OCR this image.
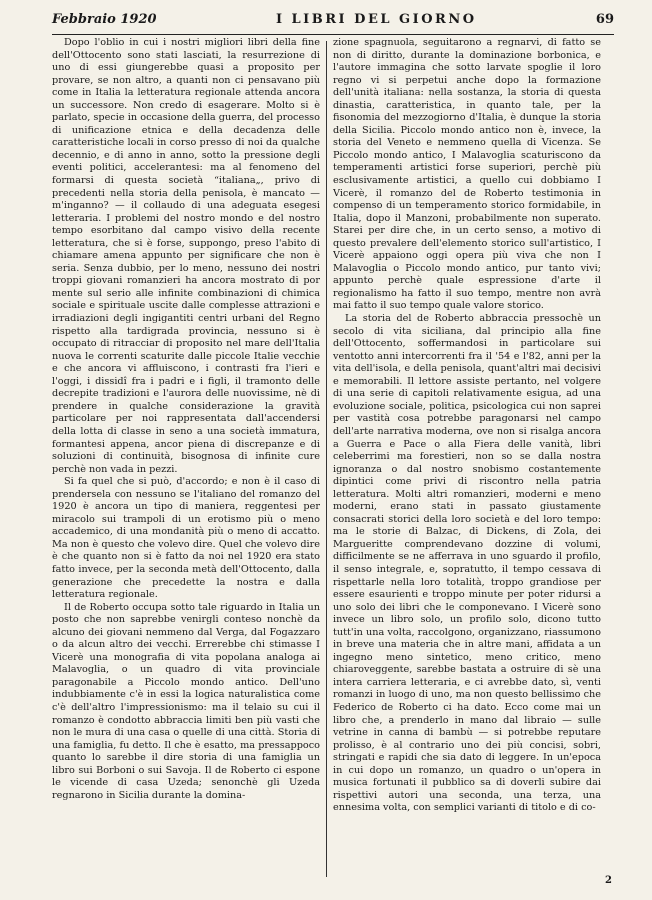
Febbraio 1920	I LIBRI DEL GIORNO	69

Dopo l'oblio in cui i nostri migliori libri della fine dell'Ottocento sono stati lasciati, la resurrezione di uno di essi giungerebbe quasi a proposito per provare, se non altro, a quanti non ci pensavano più come in Italia la letteratura regionale attenda ancora un successore. Non credo di esagerare. Molto si è parlato, specie in occasione della guerra, del processo di unificazione etnica e della decadenza delle caratteristiche locali in corso presso di noi da qualche decennio, e di anno in anno, sotto la pressione degli eventi politici, accelerantesi: ma al fenomeno del formarsi di questa società “italiana„, privo di precedenti nella storia della penisola, è mancato — m'inganno? — il collaudo di una adeguata esegesi letteraria. I problemi del nostro mondo e del nostro tempo esorbitano dal campo visivo della recente letteratura, che si è forse, suppongo, preso l'abito di chiamare amena appunto per significare che non è seria. Senza dubbio, per lo meno, nessuno dei nostri troppi giovani romanzieri ha ancora mostrato di por mente sul serio alle infinite combinazioni di chimica sociale e spirituale uscite dalle complesse attrazioni e irradiazioni degli ingigantiti centri urbani del Regno rispetto alla tardigrada provincia, nessuno si è occupato di ritracciar di proposito nel mare dell'Italia nuova le correnti scaturite dalle piccole Italie vecchie e che ancora vi affluiscono, i contrasti fra l'ieri e l'oggi, i dissidî fra i padri e i figli, il tramonto delle decrepite tradizioni e l'aurora delle nuovissime, nè di prendere in qualche considerazione la gravità particolare per noi rappresentata dall'accendersi della lotta di classe in seno a una società immatura, formantesi appena, ancor piena di discrepanze e di soluzioni di continuità, bisognosa di infinite cure perchè non vada in pezzi.

Si fa quel che si può, d'accordo; e non è il caso di prendersela con nessuno se l'italiano del romanzo del 1920 è ancora un tipo di maniera, reggentesi per miracolo sui trampoli di un erotismo più o meno accademico, di una mondanità più o meno di accatto. Ma non è questo che volevo dire. Quel che volevo dire è che quanto non si è fatto da noi nel 1920 era stato fatto invece, per la seconda metà dell'Ottocento, dalla generazione che precedette la nostra e dalla letteratura regionale.

Il de Roberto occupa sotto tale riguardo in Italia un posto che non saprebbe venirgli conteso nonchè da alcuno dei giovani nemmeno dal Verga, dal Fogazzaro o da alcun altro dei vecchi. Errerebbe chi stimasse I Vicerè una monografia di vita popolana analoga ai Malavoglia, o un quadro di vita provinciale paragonabile a Piccolo mondo antico. Dell'uno indubbiamente c'è in essi la logica naturalistica come c'è dell'altro l'impressionismo: ma il telaio su cui il romanzo è condotto abbraccia limiti ben più vasti che non le mura di una casa o quelle di una città. Storia di una famiglia, fu detto. Il che è esatto, ma pressappoco quanto lo sarebbe il dire storia di una famiglia un libro sui Borboni o sui Savoja. Il de Roberto ci espone le vicende di casa Uzeda; senonchè gli Uzeda regnarono in Sicilia durante la domina-

zione spagnuola, seguitarono a regnarvi, di fatto se non di diritto, durante la dominazione borbonica, e l'autore immagina che sotto larvate spoglie il loro regno vi si perpetui anche dopo la formazione dell'unità italiana: nella sostanza, la storia di questa dinastia, caratteristica, in quanto tale, per la fisonomia del mezzogiorno d'Italia, è dunque la storia della Sicilia. Piccolo mondo antico non è, invece, la storia del Veneto e nemmeno quella di Vicenza. Se Piccolo mondo antico, I Malavoglia scaturiscono da temperamenti artistici forse superiori, perchè più esclusivamente artistici, a quello cui dobbiamo I Vicerè, il romanzo del de Roberto testimonia in compenso di un temperamento storico formidabile, in Italia, dopo il Manzoni, probabilmente non superato. Starei per dire che, in un certo senso, a motivo di questo prevalere dell'elemento storico sull'artistico, I Vicerè appaiono oggi opera più viva che non I Malavoglia o Piccolo mondo antico, pur tanto vivi; appunto perchè quale espressione d'arte il regionalismo ha fatto il suo tempo, mentre non avrà mai fatto il suo tempo quale valore storico.

La storia del de Roberto abbraccia pressochè un secolo di vita siciliana, dal principio alla fine dell'Ottocento, soffermandosi in particolare sui ventotto anni intercorrenti fra il '54 e l'82, anni per la vita dell'isola, e della penisola, quant'altri mai decisivi e memorabili. Il lettore assiste pertanto, nel volgere di una serie di capitoli relativamente esigua, ad una evoluzione sociale, politica, psicologica cui non saprei per vastità cosa potrebbe paragonarsi nel campo dell'arte narrativa moderna, ove non si risalga ancora a Guerra e Pace o alla Fiera delle vanità, libri celeberrimi ma forestieri, non so se dalla nostra ignoranza o dal nostro snobismo costantemente dipintici come privi di riscontro nella patria letteratura. Molti altri romanzieri, moderni e meno moderni, erano stati in passato giustamente consacrati storici della loro società e del loro tempo: ma le storie di Balzac, di Dickens, di Zola, dei Margueritte comprendevano dozzine di volumi, difficilmente se ne afferrava in uno sguardo il profilo, il senso integrale, e, sopratutto, il tempo cessava di rispettarle nella loro totalità, troppo grandiose per essere esaurienti e troppo minute per poter ridursi a uno solo dei libri che le componevano. I Vicerè sono invece un libro solo, un profilo solo, dicono tutto tutt'in una volta, raccolgono, organizzano, riassumono in breve una materia che in altre mani, affidata a un ingegno meno sintetico, meno critico, meno chiaroveggente, sarebbe bastata a ostruire di sè una intera carriera letteraria, e ci avrebbe dato, sì, venti romanzi in luogo di uno, ma non questo bellissimo che Federico de Roberto ci ha dato. Ecco come mai un libro che, a prenderlo in mano dal libraio — sulle vetrine in canna di bambù — si potrebbe reputare prolisso, è al contrario uno dei più concisi, sobri, stringati e rapidi che sia dato di leggere. In un'epoca in cui dopo un romanzo, un quadro o un'opera in musica fortunati il pubblico sa di doverli subire dai rispettivi autori una seconda, una terza, una ennesima volta, con semplici varianti di titolo e di co-

2
